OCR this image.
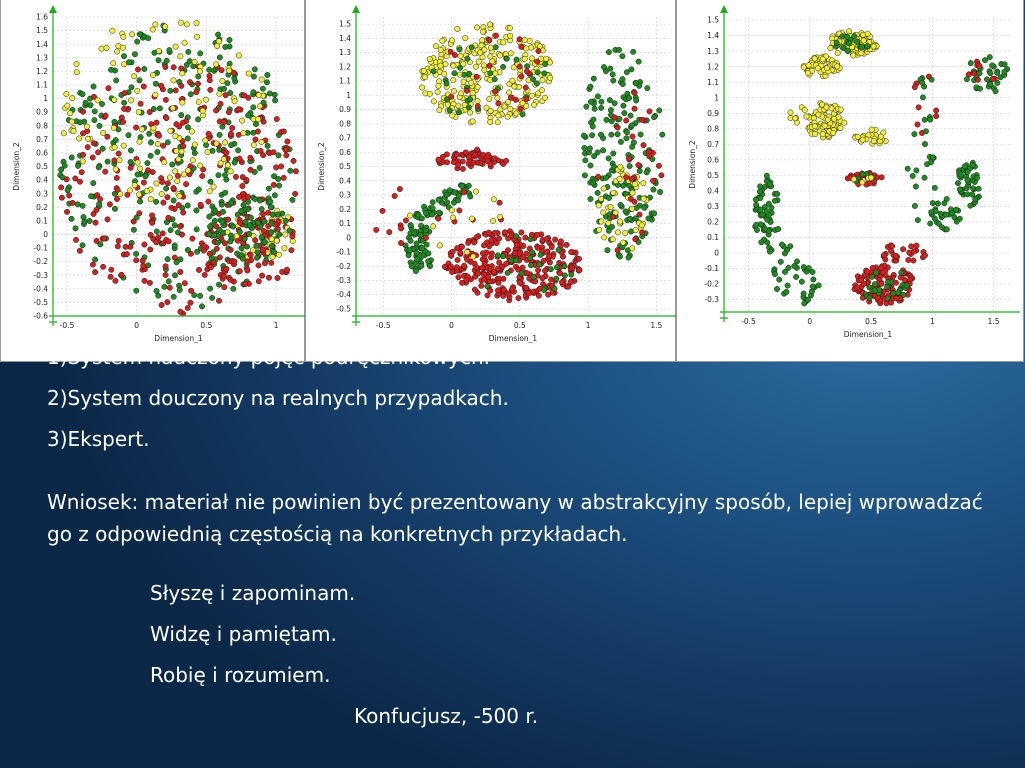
-0.5	0	0.5	1
1.6
1.5
1.4
1.3
1.2
1.1
1
0.9
0.8
0.7
0.6
0.5
0.4
0.3
0.2
0.1
0
-0.1
-0.2
-0.3
-0.4
-0.5
-0.6
Dimension_1
Dimension_2
-0.5	0	0.5	1	1.5
1.5
1.4
1.3
1.2
1.1
1
0.9
0.8
0.7
0.6
0.5
0.4
0.3
0.2
0.1
0
-0.1
-0.2
-0.3
-0.4
-0.5
Dimension_1
Dimension_2
-0.5	0	0.5	1	1.5
1.5
1.4
1.3
1.2
1.1
1
0.9
0.8
0.7
0.6
0.5
0.4
0.3
0.2
0.1
0
-0.1
-0.2
-0.3
Dimension_1
Dimension_2
1)System nauczony pojęć podręcznikowych.
2)System douczony na realnych przypadkach.
3)Ekspert.
Wniosek: materiał nie powinien być prezentowany w abstrakcyjny sposób, lepiej wprowadzać go z odpowiednią częstością na konkretnych przykładach.
Słyszę i zapominam.
Widzę i pamiętam.
Robię i rozumiem.
Konfucjusz, -500 r.
